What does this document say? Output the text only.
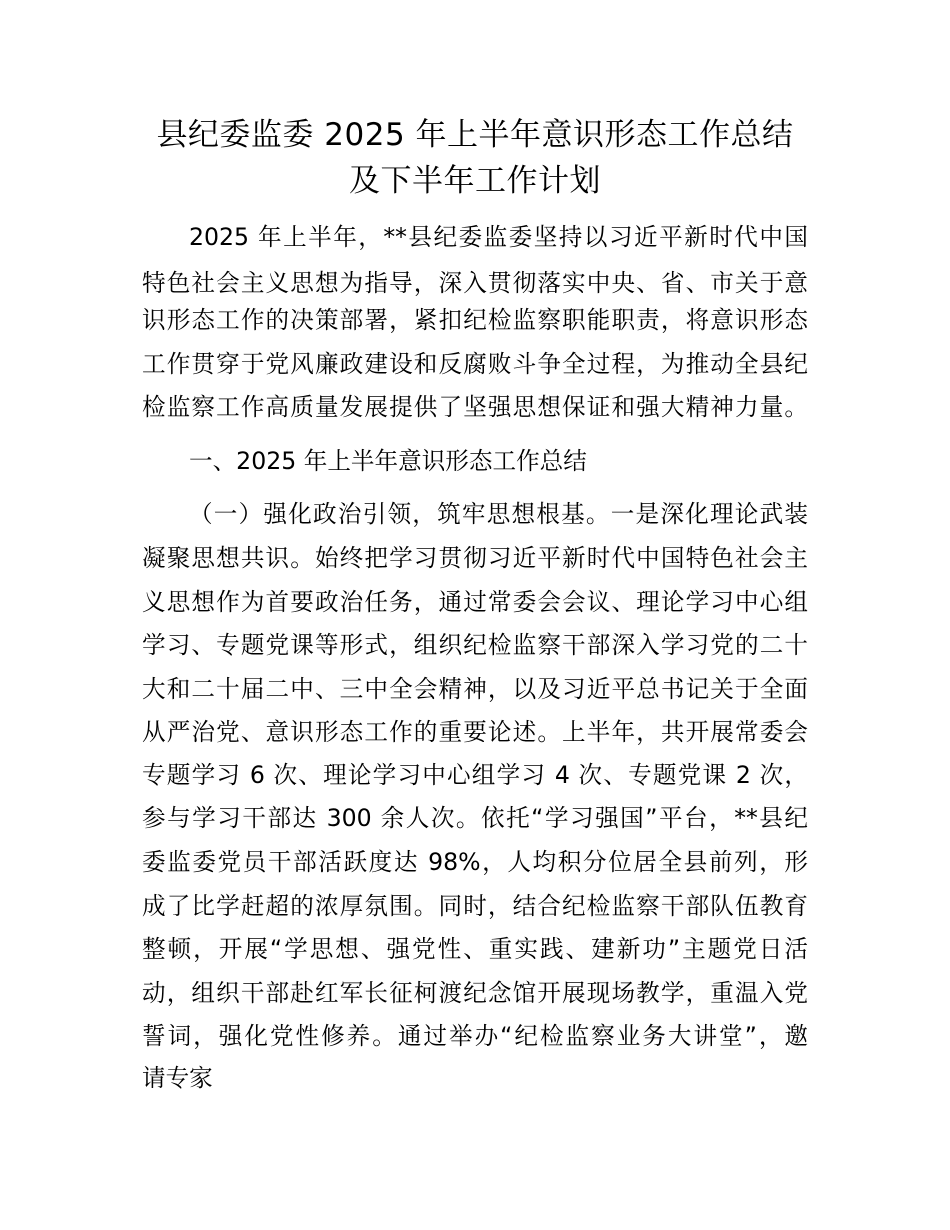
县纪委监委 2025 年上半年意识形态工作总结
及下半年工作计划
2025 年上半年，**县纪委监委坚持以习近平新时代中国
特色社会主义思想为指导，深入贯彻落实中央、省、市关于意
识形态工作的决策部署，紧扣纪检监察职能职责，将意识形态
工作贯穿于党风廉政建设和反腐败斗争全过程，为推动全县纪
检监察工作高质量发展提供了坚强思想保证和强大精神力量。
一、2025 年上半年意识形态工作总结
（一）强化政治引领，筑牢思想根基。一是深化理论武装
凝聚思想共识。始终把学习贯彻习近平新时代中国特色社会主
义思想作为首要政治任务，通过常委会会议、理论学习中心组
学习、专题党课等形式，组织纪检监察干部深入学习党的二十
大和二十届二中、三中全会精神，以及习近平总书记关于全面
从严治党、意识形态工作的重要论述。上半年，共开展常委会
专题学习 6 次、理论学习中心组学习 4 次、专题党课 2 次，
参与学习干部达 300 余人次。依托“学习强国”平台，**县纪
委监委党员干部活跃度达 98%，人均积分位居全县前列，形
成了比学赶超的浓厚氛围。同时，结合纪检监察干部队伍教育
整顿，开展“学思想、强党性、重实践、建新功”主题党日活
动，组织干部赴红军长征柯渡纪念馆开展现场教学，重温入党
誓词，强化党性修养。通过举办“纪检监察业务大讲堂”，邀
请专家
